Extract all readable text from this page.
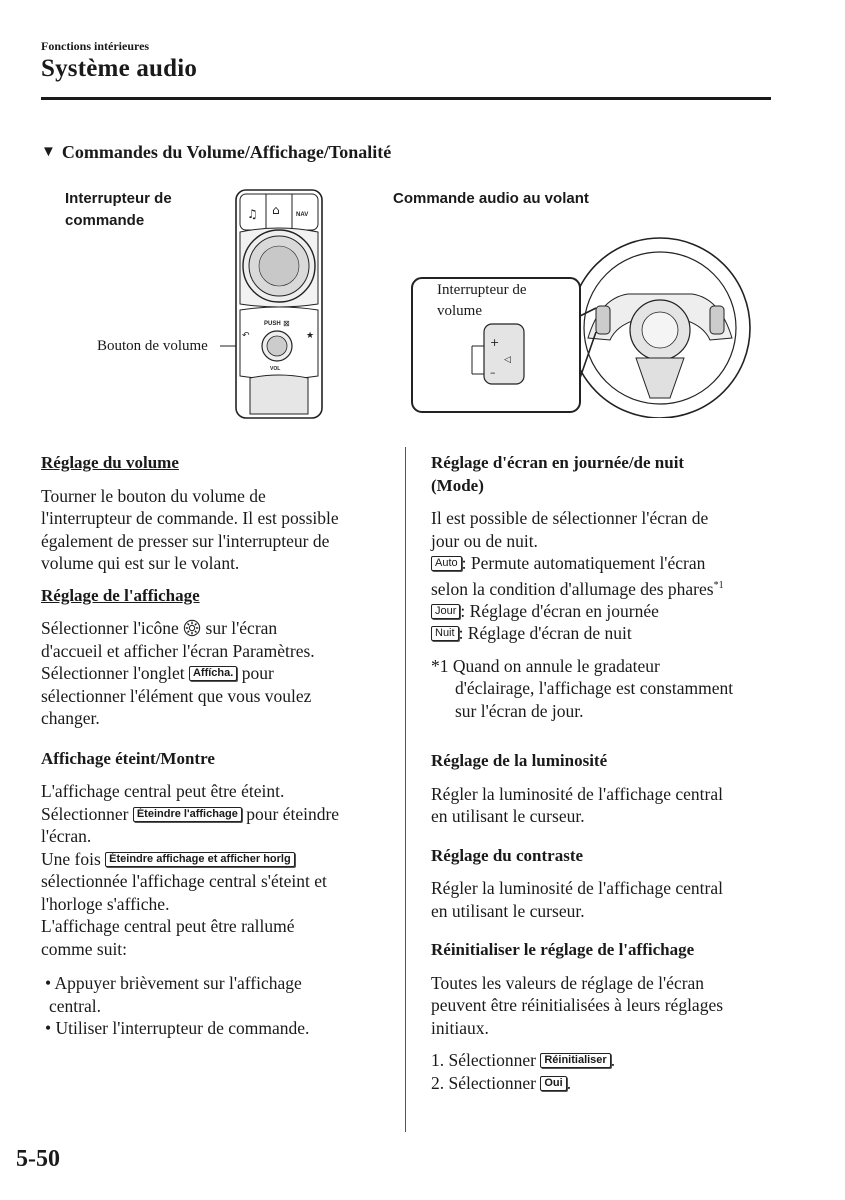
Fonctions intérieures
Système audio
▼ Commandes du Volume/Affichage/Tonalité
Interrupteur de
commande
Bouton de volume
♫ ⌂	NAV
PUSH ⊠
↶	★
VOL
Commande audio au volant
+
–
◁
Interrupteur de
volume

Réglage du volume

Tourner le bouton du volume de

l'interrupteur de commande. Il est possible

également de presser sur l'interrupteur de

volume qui est sur le volant.

Réglage de l'affichage

Sélectionner l'icône sur l'écran

d'accueil et afficher l'écran Paramètres.

Sélectionner l'onglet Affícha. pour

sélectionner l'élément que vous voulez

changer.

Affichage éteint/Montre

L'affichage central peut être éteint.

Sélectionner Éteindre l'affichage pour éteindre

l'écran.

Une fois Éteindre affichage et afficher horlg

sélectionnée l'affichage central s'éteint et

l'horloge s'affiche.

L'affichage central peut être rallumé

comme suit:

• Appuyer brièvement sur l'affichage

central.

• Utiliser l'interrupteur de commande.

Réglage d'écran en journée/de nuit

(Mode)

Il est possible de sélectionner l'écran de

jour ou de nuit.

Auto : Permute automatiquement l'écran

selon la condition d'allumage des phares$^{*1}$

Jour : Réglage d'écran en journée

Nuit : Réglage d'écran de nuit

*1 Quand on annule le gradateur

d'éclairage, l'affichage est constamment

sur l'écran de jour.

Réglage de la luminosité

Régler la luminosité de l'affichage central

en utilisant le curseur.

Réglage du contraste

Régler la luminosité de l'affichage central

en utilisant le curseur.

Réinitialiser le réglage de l'affichage

Toutes les valeurs de réglage de l'écran

peuvent être réinitialisées à leurs réglages

initiaux.

1. Sélectionner Réinitialiser .

2. Sélectionner Oui .

5-50
